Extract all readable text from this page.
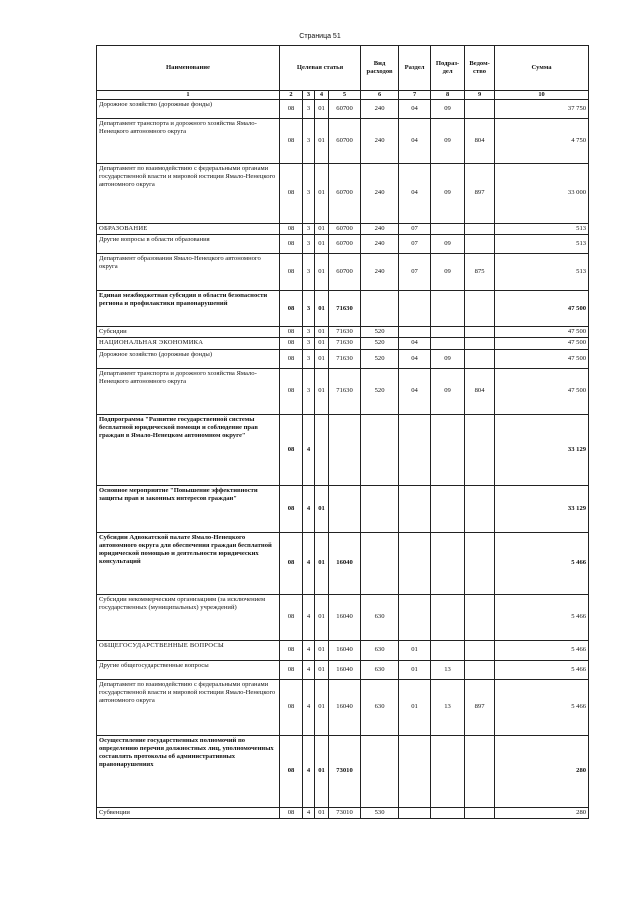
Страница 51
Наименование	Целевая статья				Вид расходов	Раздел	Подраз-дел	Ведом-ство	Сумма
1	2	3	4	5	6	7	8	9	10
Дорожное хозяйство (дорожные фонды)	08	3	01	60700	240	04	09		37 750
Департамент транспорта и дорожного хозяйства Ямало-Ненецкого автономного округа	08	3	01	60700	240	04	09	804	4 750
Департамент по взаимодействию с федеральными органами государственной власти и мировой юстиции Ямало-Ненецкого автономного округа	08	3	01	60700	240	04	09	897	33 000
ОБРАЗОВАНИЕ	08	3	01	60700	240	07			513
Другие вопросы в области образования	08	3	01	60700	240	07	09		513
Департамент образования Ямало-Ненецкого автономного округа	08	3	01	60700	240	07	09	875	513
Единая межбюджетная субсидия в области безопасности региона и профилактики правонарушений	08	3	01	71630					47 500
Субсидии	08	3	01	71630	520				47 500
НАЦИОНАЛЬНАЯ ЭКОНОМИКА	08	3	01	71630	520	04			47 500
Дорожное хозяйство (дорожные фонды)	08	3	01	71630	520	04	09		47 500
Департамент транспорта и дорожного хозяйства Ямало-Ненецкого автономного округа	08	3	01	71630	520	04	09	804	47 500
Подпрограмма "Развитие государственной системы бесплатной юридической помощи и соблюдение прав граждан в Ямало-Ненецком автономном округе"	08	4							33 129
Основное мероприятие "Повышение эффективности защиты прав и законных интересов граждан"	08	4	01						33 129
Субсидии Адвокатской палате Ямало-Ненецкого автономного округа для обеспечения граждан бесплатной юридической помощью и деятельности юридических консультаций	08	4	01	16040					5 466
Субсидии некоммерческим организациям (за исключением государственных (муниципальных) учреждений)	08	4	01	16040	630				5 466
ОБЩЕГОСУДАРСТВЕННЫЕ ВОПРОСЫ	08	4	01	16040	630	01			5 466
Другие общегосударственные вопросы	08	4	01	16040	630	01	13		5 466
Департамент по взаимодействию с федеральными органами государственной власти и мировой юстиции Ямало-Ненецкого автономного округа	08	4	01	16040	630	01	13	897	5 466
Осуществление государственных полномочий по определению перечня должностных лиц, уполномоченных составлять протоколы об административных правонарушениях	08	4	01	73010					280
Субвенции	08	4	01	73010	530				280
